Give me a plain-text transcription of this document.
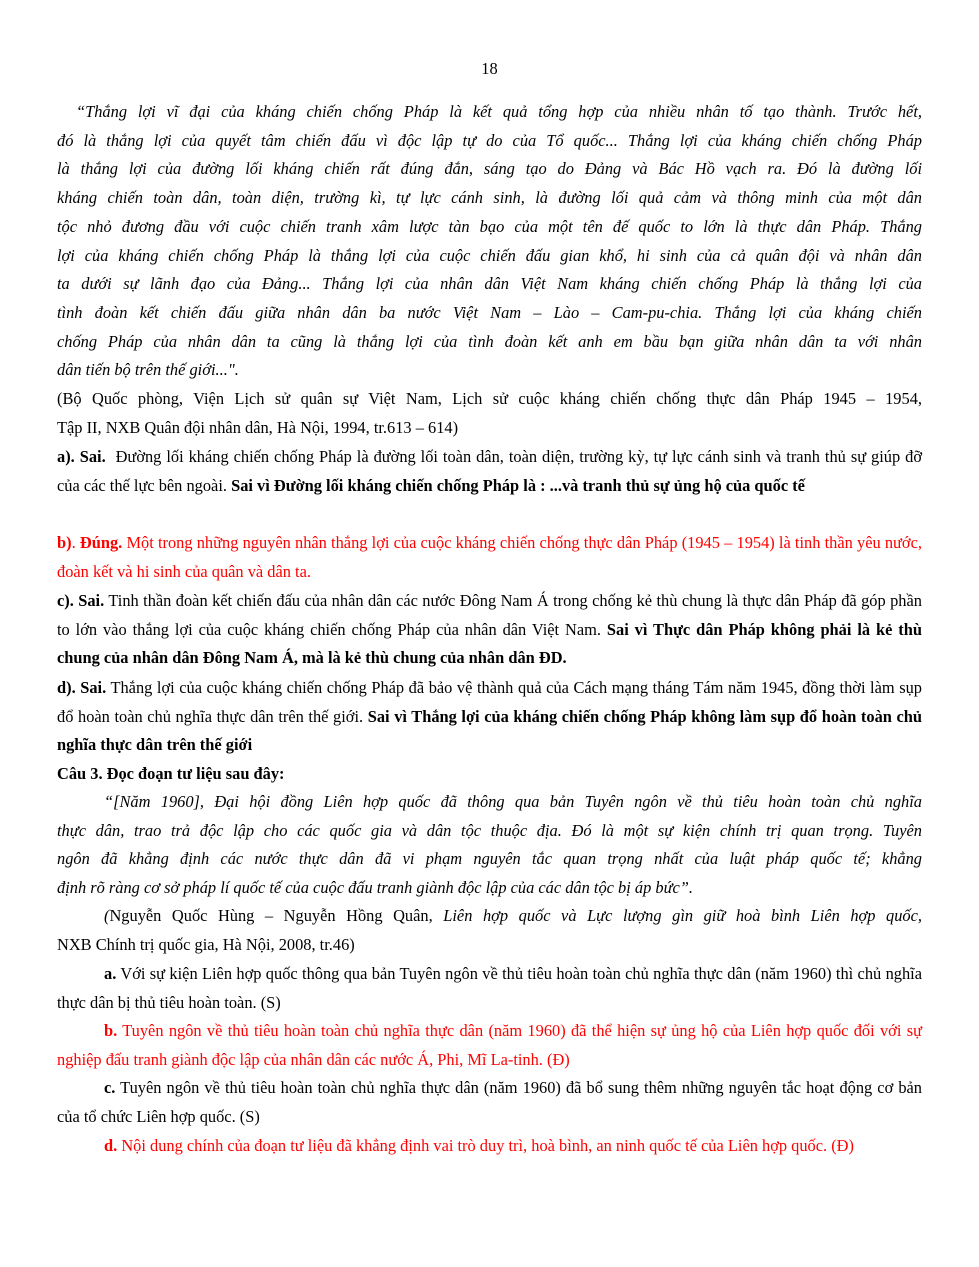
18
“Thắng lợi vĩ đại của kháng chiến chống Pháp là kết quả tổng hợp của nhiều nhân tố tạo thành. Trước hết,
đó là thắng lợi của quyết tâm chiến đấu vì độc lập tự do của Tổ quốc... Thắng lợi của kháng chiến chống Pháp
là thắng lợi của đường lối kháng chiến rất đúng đắn, sáng tạo do Đảng và Bác Hồ vạch ra. Đó là đường lối
kháng chiến toàn dân, toàn diện, trường kì, tự lực cánh sinh, là đường lối quả cảm và thông minh của một dân
tộc nhỏ đương đầu với cuộc chiến tranh xâm lược tàn bạo của một tên đế quốc to lớn là thực dân Pháp. Thắng
lợi của kháng chiến chống Pháp là thắng lợi của cuộc chiến đấu gian khổ, hi sinh của cả quân đội và nhân dân
ta dưới sự lãnh đạo của Đảng... Thắng lợi của nhân dân Việt Nam kháng chiến chống Pháp là thắng lợi của
tình đoàn kết chiến đấu giữa nhân dân ba nước Việt Nam – Lào – Cam-pu-chia. Thắng lợi của kháng chiến
chống Pháp của nhân dân ta cũng là thắng lợi của tình đoàn kết anh em bầu bạn giữa nhân dân ta với nhân
dân tiến bộ trên thế giới...".
(Bộ Quốc phòng, Viện Lịch sử quân sự Việt Nam, Lịch sử cuộc kháng chiến chống thực dân Pháp 1945 – 1954,
Tập II, NXB Quân đội nhân dân, Hà Nội, 1994, tr.613 – 614)
a). Sai. Đường lối kháng chiến chống Pháp là đường lối toàn dân, toàn diện, trường kỳ, tự lực cánh sinh và tranh thủ sự giúp đỡ của các thế lực bên ngoài. Sai vì Đường lối kháng chiến chống Pháp là : ...và tranh thủ sự ủng hộ của quốc tế
b). Đúng. Một trong những nguyên nhân thắng lợi của cuộc kháng chiến chống thực dân Pháp (1945 – 1954) là tinh thần yêu nước, đoàn kết và hi sinh của quân và dân ta.
c). Sai. Tinh thần đoàn kết chiến đấu của nhân dân các nước Đông Nam Á trong chống kẻ thù chung là thực dân Pháp đã góp phần to lớn vào thắng lợi của cuộc kháng chiến chống Pháp của nhân dân Việt Nam. Sai vì Thực dân Pháp không phải là kẻ thù chung của nhân dân Đông Nam Á, mà là kẻ thù chung của nhân dân ĐD.
d). Sai. Thắng lợi của cuộc kháng chiến chống Pháp đã bảo vệ thành quả của Cách mạng tháng Tám năm 1945, đồng thời làm sụp đổ hoàn toàn chủ nghĩa thực dân trên thế giới. Sai vì Thắng lợi của kháng chiến chống Pháp không làm sụp đổ hoàn toàn chủ nghĩa thực dân trên thế giới
Câu 3. Đọc đoạn tư liệu sau đây:
“[Năm 1960], Đại hội đồng Liên hợp quốc đã thông qua bản Tuyên ngôn về thủ tiêu hoàn toàn chủ nghĩa
thực dân, trao trả độc lập cho các quốc gia và dân tộc thuộc địa. Đó là một sự kiện chính trị quan trọng. Tuyên
ngôn đã khẳng định các nước thực dân đã vi phạm nguyên tắc quan trọng nhất của luật pháp quốc tế; khẳng
định rõ ràng cơ sở pháp lí quốc tế của cuộc đấu tranh giành độc lập của các dân tộc bị áp bức”.
(Nguyễn Quốc Hùng – Nguyễn Hồng Quân, Liên hợp quốc và Lực lượng gìn giữ hoà bình Liên hợp quốc,
NXB Chính trị quốc gia, Hà Nội, 2008, tr.46)
a. Với sự kiện Liên hợp quốc thông qua bản Tuyên ngôn về thủ tiêu hoàn toàn chủ nghĩa thực dân (năm 1960) thì chủ nghĩa thực dân bị thủ tiêu hoàn toàn. (S)
b. Tuyên ngôn về thủ tiêu hoàn toàn chủ nghĩa thực dân (năm 1960) đã thể hiện sự ủng hộ của Liên hợp quốc đối với sự nghiệp đấu tranh giành độc lập của nhân dân các nước Á, Phi, Mĩ La-tinh. (Đ)
c. Tuyên ngôn về thủ tiêu hoàn toàn chủ nghĩa thực dân (năm 1960) đã bổ sung thêm những nguyên tắc hoạt động cơ bản của tổ chức Liên hợp quốc. (S)
d. Nội dung chính của đoạn tư liệu đã khẳng định vai trò duy trì, hoà bình, an ninh quốc tế của Liên hợp quốc. (Đ)
